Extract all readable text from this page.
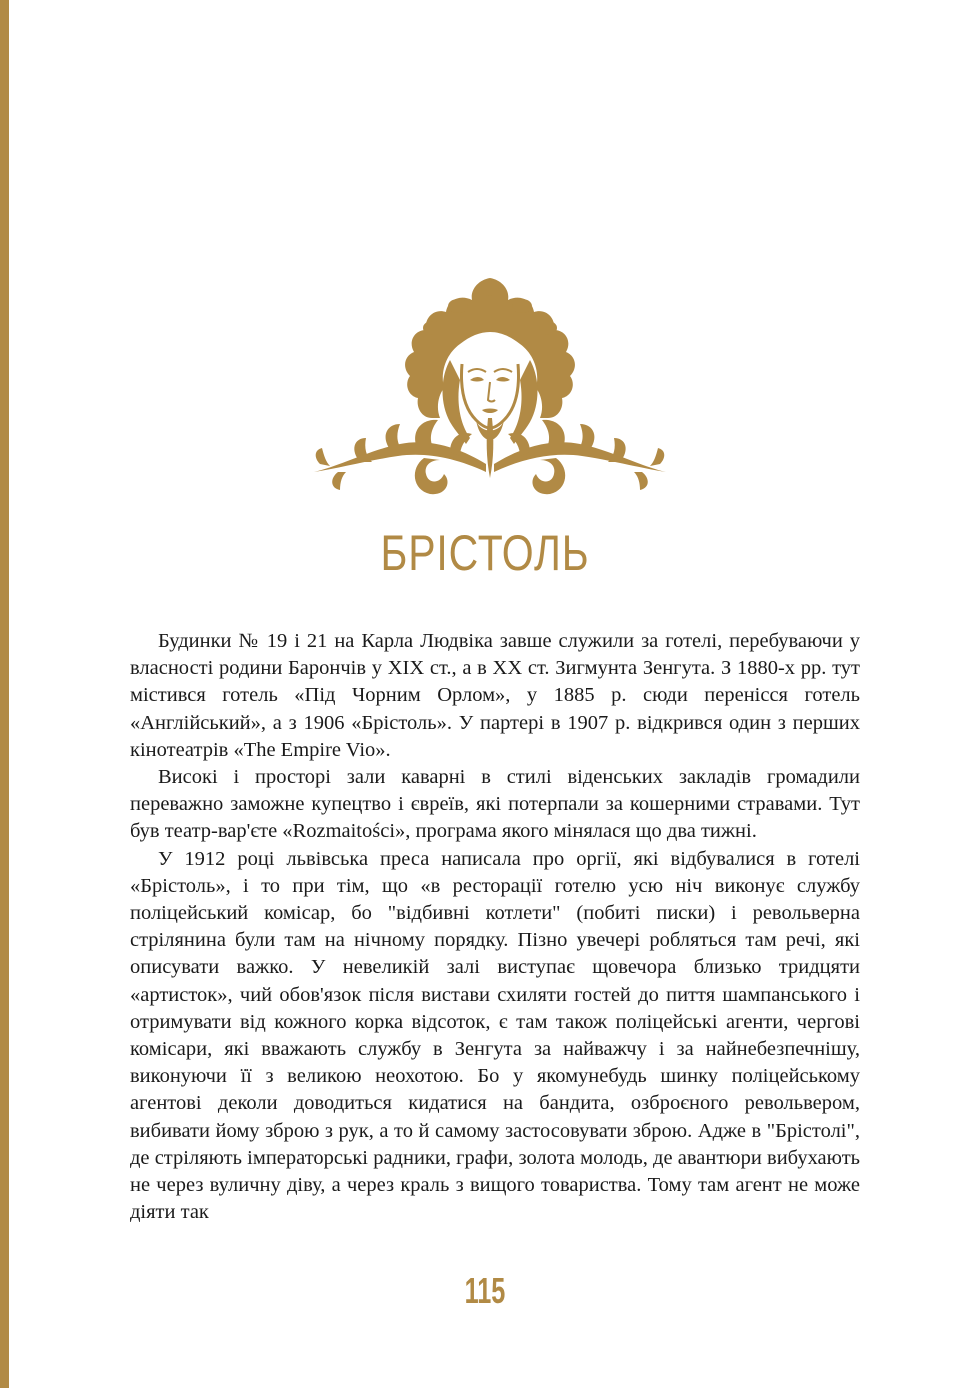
БРІСТОЛЬ

Будинки № 19 і 21 на Карла Людвіка завше служили за готелі, перебуваючи у власності родини Барончів у ХІХ ст., а в ХХ ст. Зигмунта Зенгута. З 1880-х рр. тут містився готель «Під Чорним Орлом», у 1885 р. сюди перенісся готель «Англійський», а з 1906 «Брістоль». У партері в 1907 р. відкрився один з перших кінотеатрів «The Empire Vio».

Високі і просторі зали каварні в стилі віденських закладів громадили переважно заможне купецтво і євреїв, які потерпали за кошерними стравами. Тут був театр-вар'єте «Rozmaitości», програма якого мінялася що два тижні.

У 1912 році львівська преса написала про оргії, які відбувалися в готелі «Брістоль», і то при тім, що «в ресторації готелю усю ніч виконує службу поліцейський комісар, бо "відбивні котлети" (побиті писки) і револьверна стрілянина були там на нічному порядку. Пізно увечері робляться там речі, які описувати важко. У невеликій залі виступає щовечора близько тридцяти «артисток», чий обов'язок після вистави схиляти гостей до пиття шампанського і отримувати від кожного корка відсоток, є там також поліцейські агенти, чергові комісари, які вважають службу в Зенгута за найважчу і за найнебезпечнішу, виконуючи її з великою неохотою. Бо у якомунебудь шинку поліцейському агентові деколи доводиться кидатися на бандита, озброєного револьвером, вибивати йому зброю з рук, а то й самому застосовувати зброю. Адже в "Брістолі", де стріляють імператорські радники, графи, золота молодь, де авантюри вибухають не через вуличну діву, а через краль з вищого товариства. Тому там агент не може діяти так

115
